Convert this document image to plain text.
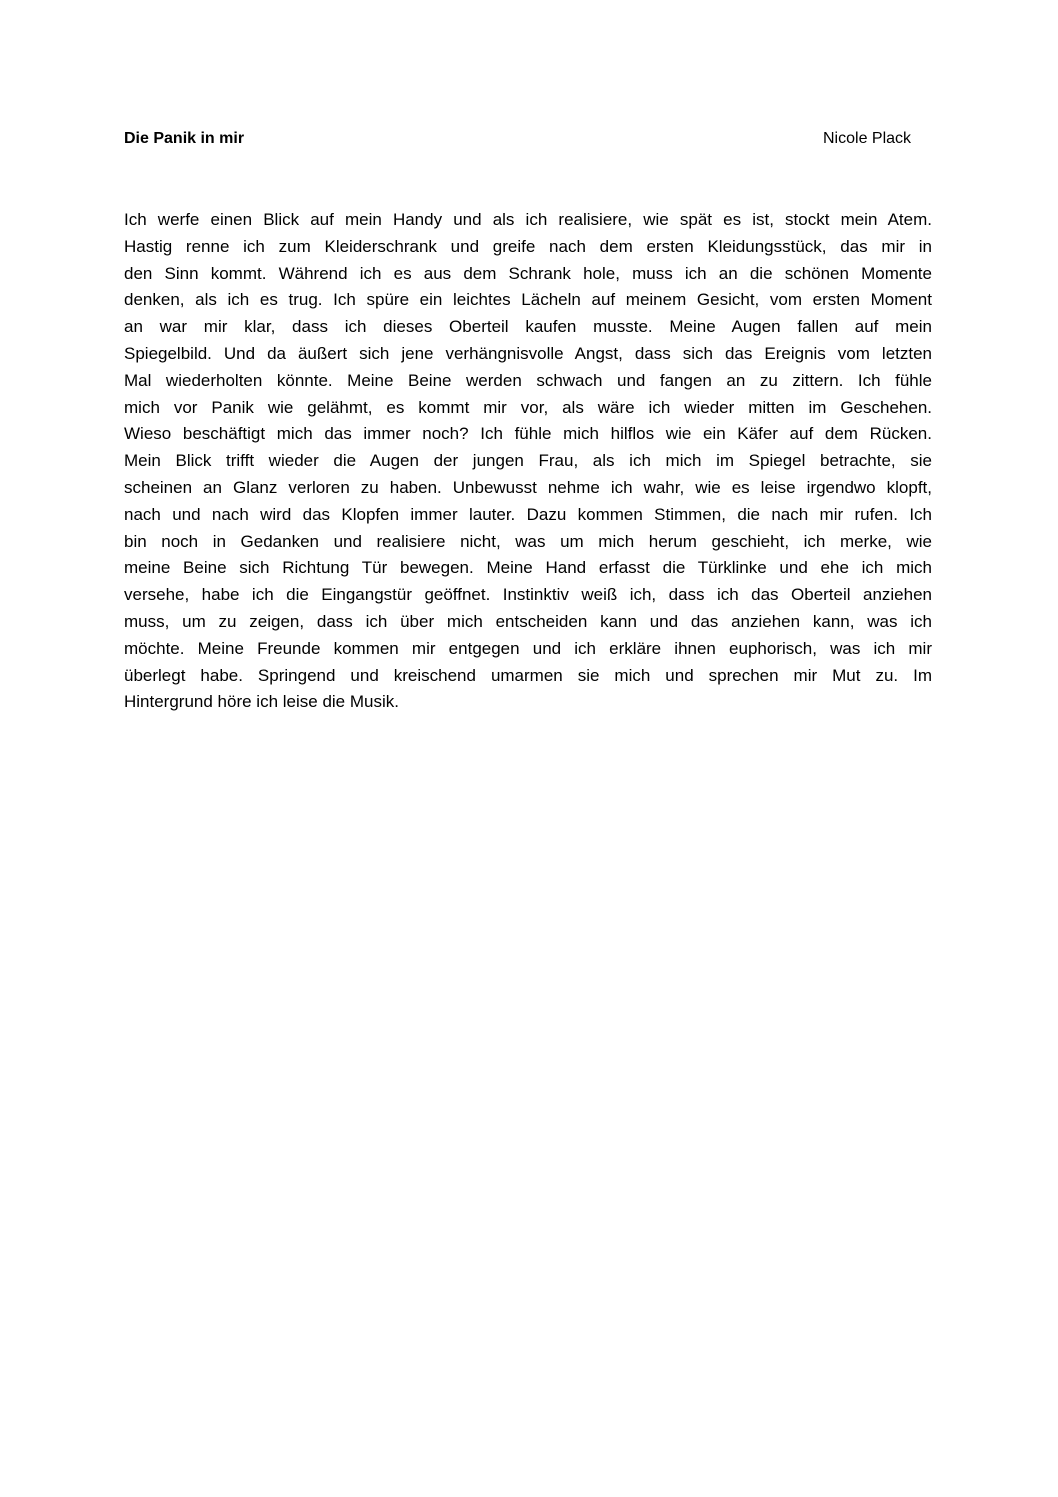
Die Panik in mir	Nicole Plack
Ich werfe einen Blick auf mein Handy und als ich realisiere, wie spät es ist, stockt mein Atem.
Hastig renne ich zum Kleiderschrank und greife nach dem ersten Kleidungsstück, das mir in
den Sinn kommt. Während ich es aus dem Schrank hole, muss ich an die schönen Momente
denken, als ich es trug. Ich spüre ein leichtes Lächeln auf meinem Gesicht, vom ersten Moment
an war mir klar, dass ich dieses Oberteil kaufen musste. Meine Augen fallen auf mein
Spiegelbild. Und da äußert sich jene verhängnisvolle Angst, dass sich das Ereignis vom letzten
Mal wiederholten könnte. Meine Beine werden schwach und fangen an zu zittern. Ich fühle
mich vor Panik wie gelähmt, es kommt mir vor, als wäre ich wieder mitten im Geschehen.
Wieso beschäftigt mich das immer noch? Ich fühle mich hilflos wie ein Käfer auf dem Rücken.
Mein Blick trifft wieder die Augen der jungen Frau, als ich mich im Spiegel betrachte, sie
scheinen an Glanz verloren zu haben. Unbewusst nehme ich wahr, wie es leise irgendwo klopft,
nach und nach wird das Klopfen immer lauter. Dazu kommen Stimmen, die nach mir rufen. Ich
bin noch in Gedanken und realisiere nicht, was um mich herum geschieht, ich merke, wie
meine Beine sich Richtung Tür bewegen. Meine Hand erfasst die Türklinke und ehe ich mich
versehe, habe ich die Eingangstür geöffnet. Instinktiv weiß ich, dass ich das Oberteil anziehen
muss, um zu zeigen, dass ich über mich entscheiden kann und das anziehen kann, was ich
möchte. Meine Freunde kommen mir entgegen und ich erkläre ihnen euphorisch, was ich mir
überlegt habe. Springend und kreischend umarmen sie mich und sprechen mir Mut zu. Im
Hintergrund höre ich leise die Musik.
